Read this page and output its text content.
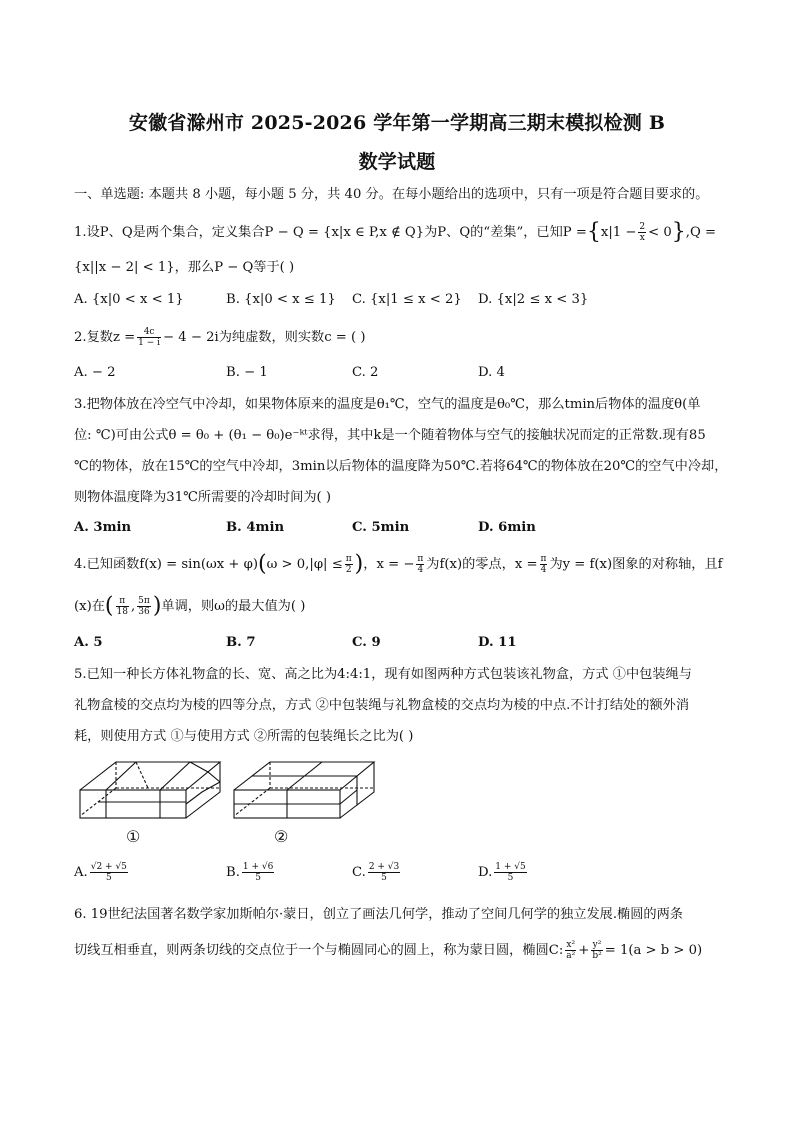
安徽省滁州市 2025-2026 学年第一学期高三期末模拟检测 B
数学试题
一、单选题: 本题共 8 小题，每小题 5 分，共 40 分。在每小题给出的选项中，只有一项是符合题目要求的。
1.设P、Q是两个集合，定义集合P − Q = {x|x ∈ P,x ∉ Q}为P、Q的“差集”，已知$P =\{x|1 - \frac{2}{x} < 0\},Q$ =
{x||x − 2| < 1}，那么P − Q等于( )
A. {x|0 < x < 1}	B. {x|0 < x ≤ 1} C. {x|1 ≤ x < 2} D. {x|2 ≤ x < 3}
2.复数$z = \frac{4c}{1 - i} - 4 - 2i$为纯虚数，则实数c = ( )
A. − 2	B. − 1	C. 2	D. 4
3.把物体放在冷空气中冷却，如果物体原来的温度是θ₁℃，空气的温度是θ₀℃，那么tmin后物体的温度θ(单
位: ℃)可由公式θ = θ₀ + (θ₁ − θ₀)e⁻ᵏᵗ求得，其中k是一个随着物体与空气的接触状况而定的正常数.现有85
℃的物体，放在15℃的空气中冷却，3min以后物体的温度降为50℃.若将64℃的物体放在20℃的空气中冷却，
则物体温度降为31℃所需要的冷却时间为( )
A. 3min	B. 4min	C. 5min	D. 6min
4.已知函数$f(x) = \sin(\omega x + \varphi)(\omega > 0,|\varphi| \le \frac{\pi}{2}$ )，x = − $\frac{\pi}{4}$ 为f(x)的零点，$x = \frac{\pi}{4}$ 为y = f(x)图象的对称轴，且f
(x)在( $\frac{\pi}{18}$ , $\frac{5\pi}{36}$ )单调，则ω的最大值为( )
A. 5	B. 7	C. 9	D. 11
5.已知一种长方体礼物盒的长、宽、高之比为4:4:1，现有如图两种方式包装该礼物盒，方式 ①中包装绳与
礼物盒棱的交点均为棱的四等分点，方式 ②中包装绳与礼物盒棱的交点均为棱的中点.不计打结处的额外消
耗，则使用方式 ①与使用方式 ②所需的包装绳长之比为( )
①	②
A. $\frac{√2 + √5}{5}$	B. $\frac{1 + √6}{5}$	C. $\frac{2 + √3}{5}$	D. $\frac{1 + √5}{5}$
6. 19世纪法国著名数学家加斯帕尔·蒙日，创立了画法几何学，推动了空间几何学的独立发展.椭圆的两条
切线互相垂直，则两条切线的交点位于一个与椭圆同心的圆上，称为蒙日圆，椭圆C: $\frac{\text{x²}}{\text{a²}} + \frac{\text{y²}}{\text{b²}} = 1(a > b > 0)$
